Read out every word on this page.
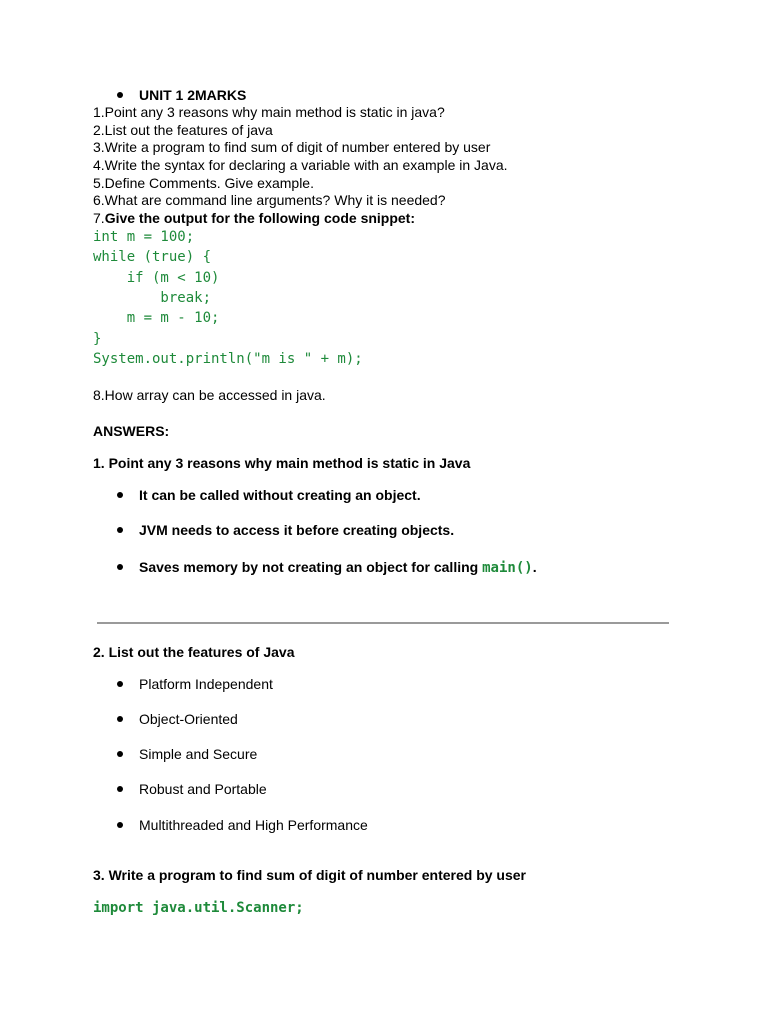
UNIT 1 2MARKS
1.Point any 3 reasons why main method is static in java?
2.List out the features of java
3.Write a program to find sum of digit of number entered by user
4.Write the syntax for declaring a variable with an example in Java.
5.Define Comments. Give example.
6.What are command line arguments? Why it is needed?
7.Give the output for the following code snippet:
int m = 100;
while (true) {
if (m < 10)
break;
m = m - 10;
}
System.out.println("m is " + m);
8.How array can be accessed in java.
ANSWERS:
1. Point any 3 reasons why main method is static in Java
It can be called without creating an object.
JVM needs to access it before creating objects.
Saves memory by not creating an object for calling main().
2. List out the features of Java
Platform Independent
Object-Oriented
Simple and Secure
Robust and Portable
Multithreaded and High Performance
3. Write a program to find sum of digit of number entered by user
import java.util.Scanner;
